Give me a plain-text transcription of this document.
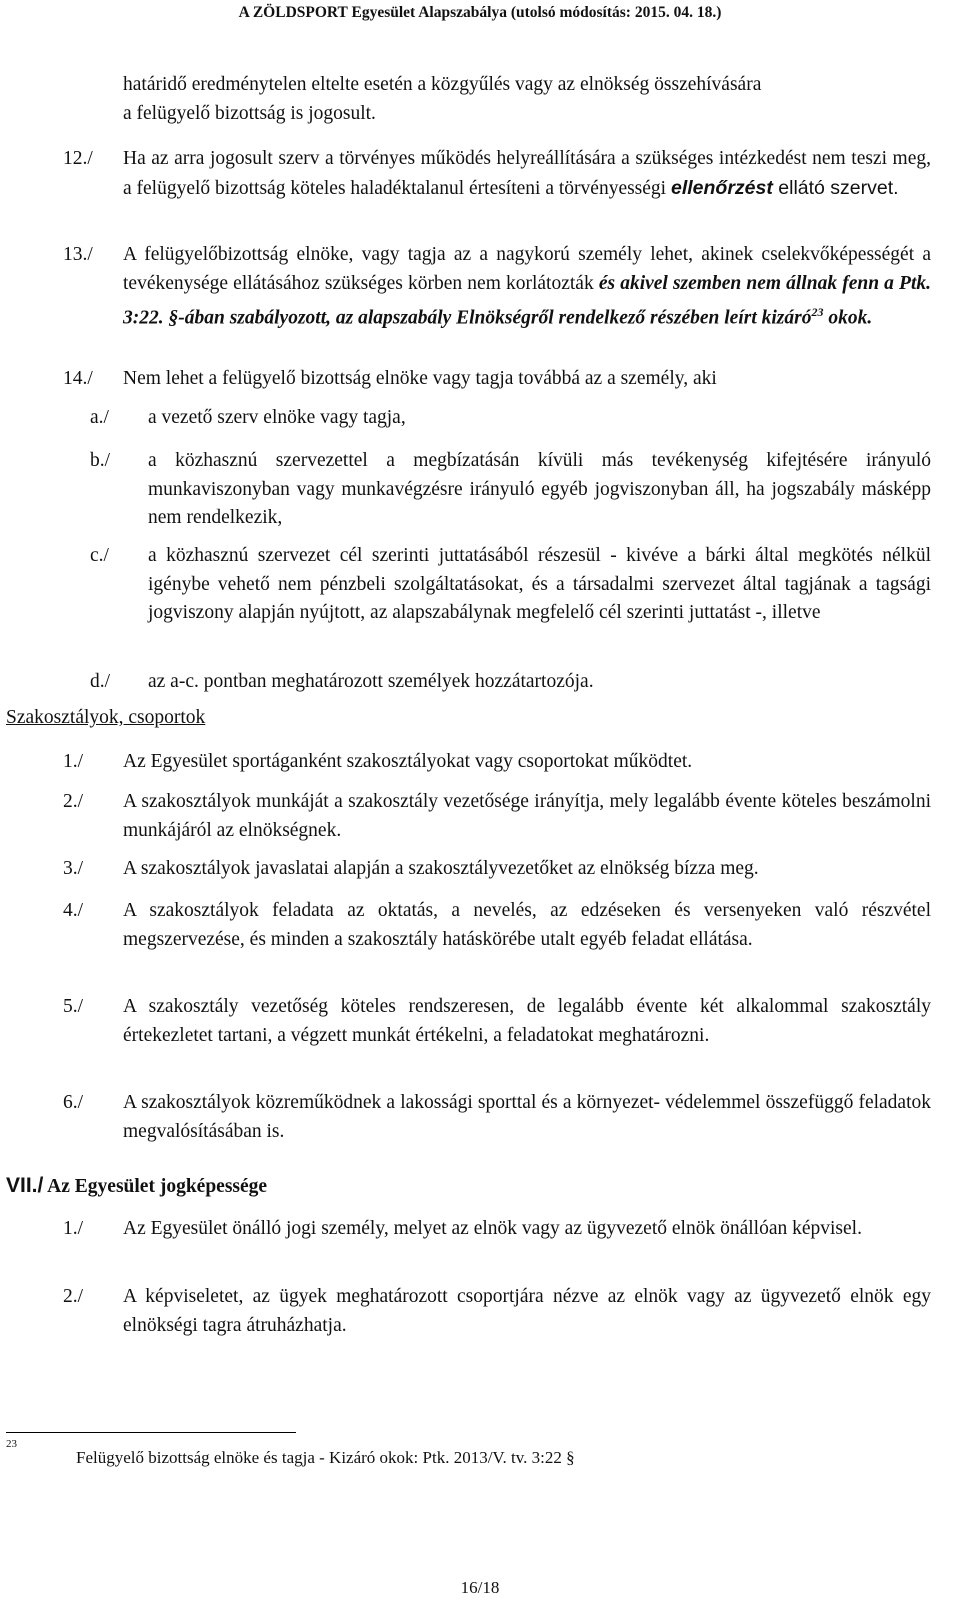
A ZÖLDSPORT Egyesület Alapszabálya (utolsó módosítás: 2015. 04. 18.)
határidő eredménytelen eltelte esetén a közgyűlés vagy az elnökség összehívására
a felügyelő bizottság is jogosult.
12./ Ha az arra jogosult szerv a törvényes működés helyreállítására a szükséges intézkedést nem teszi meg, a felügyelő bizottság köteles haladéktalanul értesíteni a törvényességi ellenőrzést ellátó szervet.
13./ A felügyelőbizottság elnöke, vagy tagja az a nagykorú személy lehet, akinek cselekvőképességét a tevékenysége ellátásához szükséges körben nem korlátozták és akivel szemben nem állnak fenn a Ptk. 3:22. §-ában szabályozott, az alapszabály Elnökségről rendelkező részében leírt kizáró$^{23}$ okok.
14./ Nem lehet a felügyelő bizottság elnöke vagy tagja továbbá az a személy, aki
a./ a vezető szerv elnöke vagy tagja,
b./ a közhasznú szervezettel a megbízatásán kívüli más tevékenység kifejtésére irányuló munkaviszonyban vagy munkavégzésre irányuló egyéb jogviszonyban áll, ha jogszabály másképp nem rendelkezik,
c./ a közhasznú szervezet cél szerinti juttatásából részesül - kivéve a bárki által megkötés nélkül igénybe vehető nem pénzbeli szolgáltatásokat, és a társadalmi szervezet által tagjának a tagsági jogviszony alapján nyújtott, az alapszabálynak megfelelő cél szerinti juttatást -, illetve
d./ az a-c. pontban meghatározott személyek hozzátartozója.
Szakosztályok, csoportok
1./ Az Egyesület sportáganként szakosztályokat vagy csoportokat működtet.
2./ A szakosztályok munkáját a szakosztály vezetősége irányítja, mely legalább évente köteles beszámolni munkájáról az elnökségnek.
3./ A szakosztályok javaslatai alapján a szakosztályvezetőket az elnökség bízza meg.
4./ A szakosztályok feladata az oktatás, a nevelés, az edzéseken és versenyeken való részvétel megszervezése, és minden a szakosztály hatáskörébe utalt egyéb feladat ellátása.
5./ A szakosztály vezetőség köteles rendszeresen, de legalább évente két alkalommal szakosztály értekezletet tartani, a végzett munkát értékelni, a feladatokat meghatározni.
6./ A szakosztályok közreműködnek a lakossági sporttal és a környezet- védelemmel összefüggő feladatok megvalósításában is.
VII./ Az Egyesület jogképessége
1./ Az Egyesület önálló jogi személy, melyet az elnök vagy az ügyvezető elnök önállóan képvisel.
2./ A képviseletet, az ügyek meghatározott csoportjára nézve az elnök vagy az ügyvezető elnök egy elnökségi tagra átruházhatja.
$^{23}$
Felügyelő bizottság elnöke és tagja - Kizáró okok: Ptk. 2013/V. tv. 3:22 §
16/18
